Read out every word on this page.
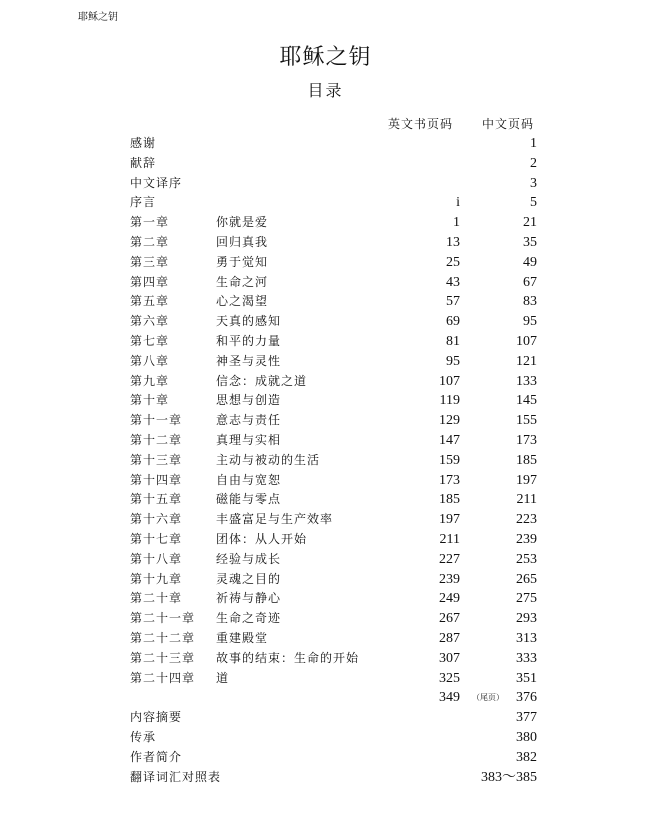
耶稣之钥
耶稣之钥
目录
英文书页码 中文页码
感谢	1
献辞	2
中文译序	3
序言	i	5
第一章	你就是爱	1	21
第二章	回归真我	13	35
第三章	勇于觉知	25	49
第四章	生命之河	43	67
第五章	心之渴望	57	83
第六章	天真的感知	69	95
第七章	和平的力量	81	107
第八章	神圣与灵性	95	121
第九章	信念：成就之道	107	133
第十章	思想与创造	119	145
第十一章	意志与责任	129	155
第十二章	真理与实相	147	173
第十三章	主动与被动的生活	159	185
第十四章	自由与宽恕	173	197
第十五章	磁能与零点	185	211
第十六章	丰盛富足与生产效率	197	223
第十七章	团体：从人开始	211	239
第十八章	经验与成长	227	253
第十九章	灵魂之目的	239	265
第二十章	祈祷与静心	249	275
第二十一章 生命之奇迹	267	293
第二十二章 重建殿堂	287	313
第二十三章 故事的结束：生命的开始	307	333
第二十四章 道	325	351
349 （尾页） 376
内容摘要	377
传承	380
作者简介	382
翻译词汇对照表	383～385
